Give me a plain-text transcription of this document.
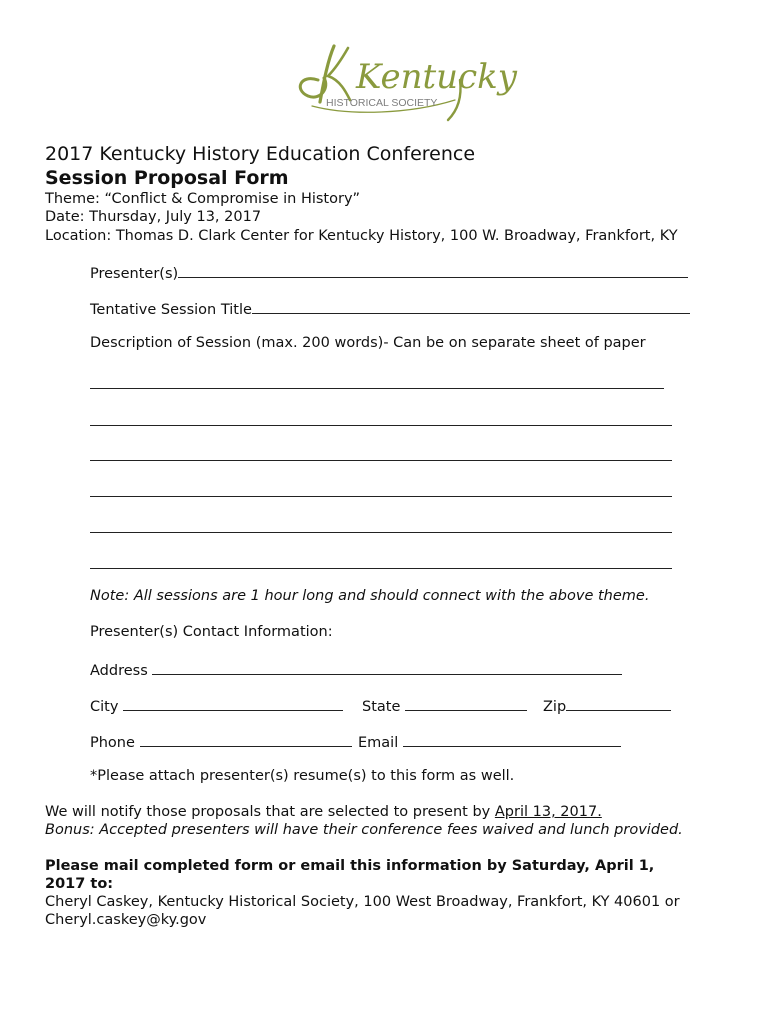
Kentucky
HISTORICAL SOCIETY
2017 Kentucky History Education Conference
Session Proposal Form
Theme: “Conflict & Compromise in History”
Date: Thursday, July 13, 2017
Location: Thomas D. Clark Center for Kentucky History, 100 W. Broadway, Frankfort, KY
Presenter(s)
Tentative Session Title
Description of Session (max. 200 words)- Can be on separate sheet of paper
Note: All sessions are 1 hour long and should connect with the above theme.
Presenter(s) Contact Information:
Address
City	State	Zip
Phone	Email
*Please attach presenter(s) resume(s) to this form as well.
We will notify those proposals that are selected to present by April 13, 2017.
Bonus: Accepted presenters will have their conference fees waived and lunch provided.
Please mail completed form or email this information by Saturday, April 1,
2017 to:
Cheryl Caskey, Kentucky Historical Society, 100 West Broadway, Frankfort, KY 40601 or
Cheryl.caskey@ky.gov
